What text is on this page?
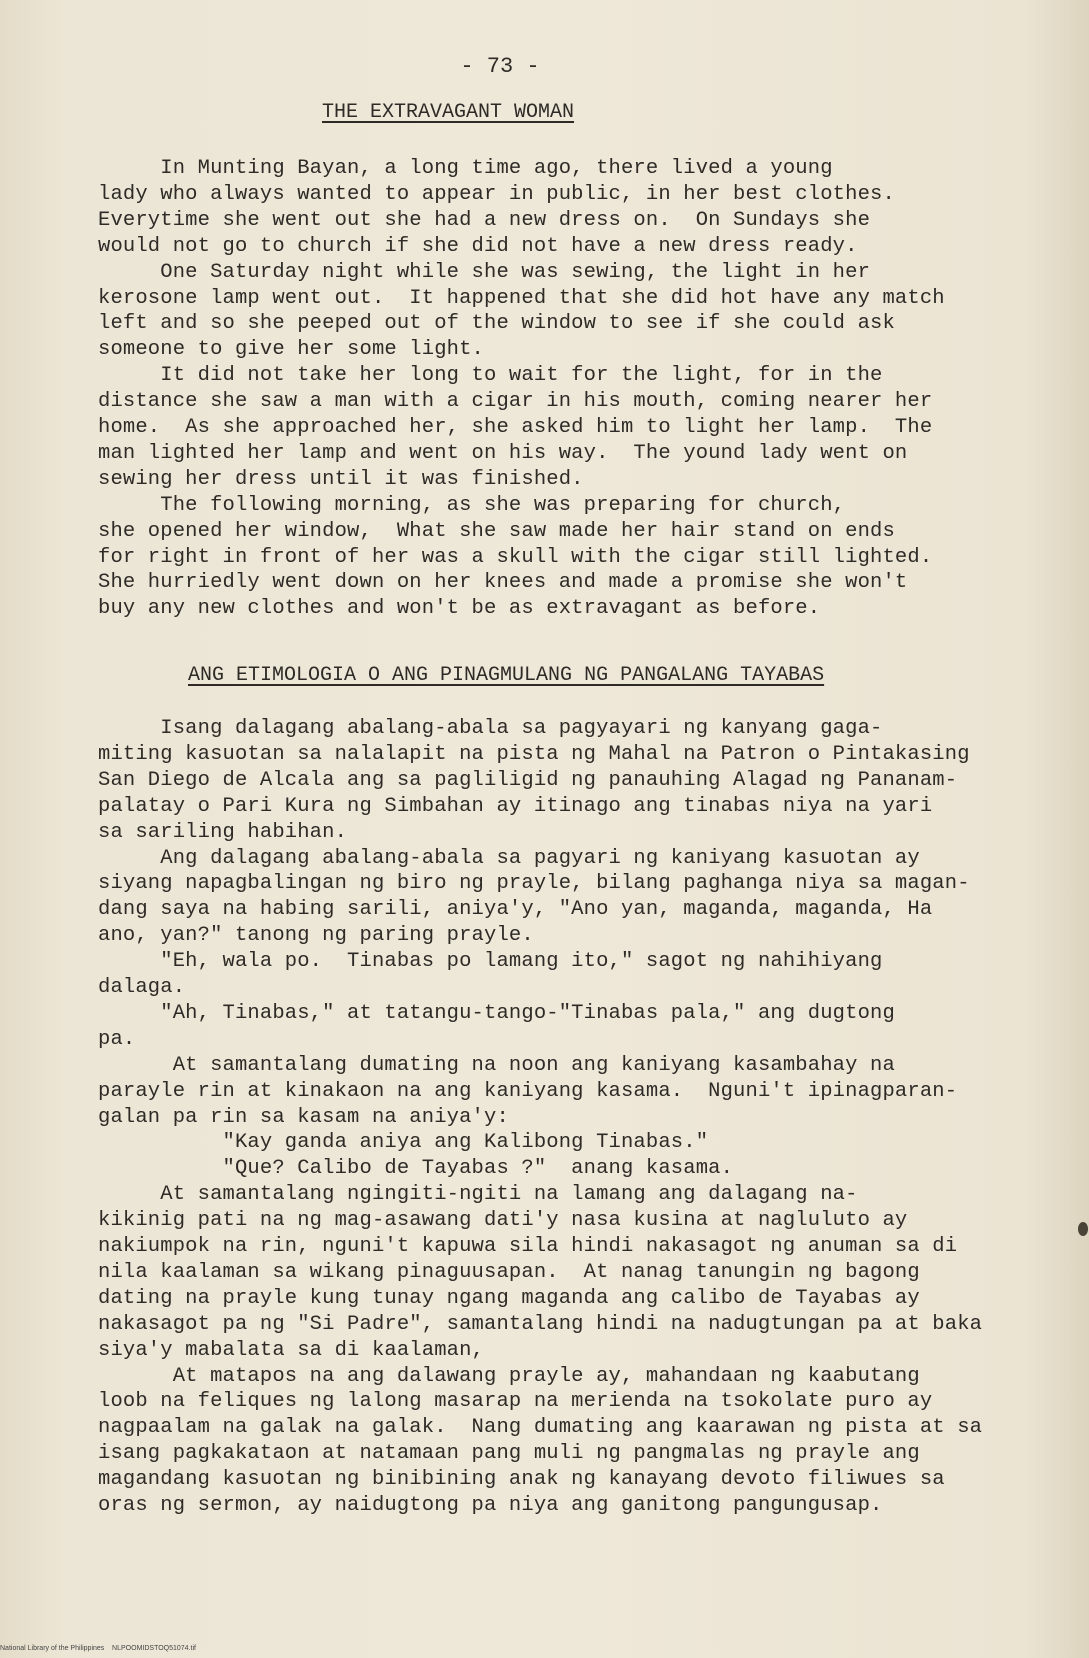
- 73 -
THE EXTRAVAGANT WOMAN
In Munting Bayan, a long time ago, there lived a young
lady who always wanted to appear in public, in her best clothes.
Everytime she went out she had a new dress on.  On Sundays she
would not go to church if she did not have a new dress ready.
One Saturday night while she was sewing, the light in her
kerosone lamp went out.  It happened that she did hot have any match
left and so she peeped out of the window to see if she could ask
someone to give her some light.
It did not take her long to wait for the light, for in the
distance she saw a man with a cigar in his mouth, coming nearer her
home.  As she approached her, she asked him to light her lamp.  The
man lighted her lamp and went on his way.  The yound lady went on
sewing her dress until it was finished.
The following morning, as she was preparing for church,
she opened her window,  What she saw made her hair stand on ends
for right in front of her was a skull with the cigar still lighted.
She hurriedly went down on her knees and made a promise she won't
buy any new clothes and won't be as extravagant as before.
ANG ETIMOLOGIA O ANG PINAGMULANG NG PANGALANG TAYABAS
Isang dalagang abalang-abala sa pagyayari ng kanyang gaga-
miting kasuotan sa nalalapit na pista ng Mahal na Patron o Pintakasing
San Diego de Alcala ang sa pagliligid ng panauhing Alagad ng Pananam-
palatay o Pari Kura ng Simbahan ay itinago ang tinabas niya na yari
sa sariling habihan.
Ang dalagang abalang-abala sa pagyari ng kaniyang kasuotan ay
siyang napagbalingan ng biro ng prayle, bilang paghanga niya sa magan-
dang saya na habing sarili, aniya'y, "Ano yan, maganda, maganda, Ha
ano, yan?" tanong ng paring prayle.
"Eh, wala po.  Tinabas po lamang ito," sagot ng nahihiyang
dalaga.
"Ah, Tinabas," at tatangu-tango-"Tinabas pala," ang dugtong
pa.
At samantalang dumating na noon ang kaniyang kasambahay na
parayle rin at kinakaon na ang kaniyang kasama.  Nguni't ipinagparan-
galan pa rin sa kasam na aniya'y:
"Kay ganda aniya ang Kalibong Tinabas."
"Que? Calibo de Tayabas ?"  anang kasama.
At samantalang ngingiti-ngiti na lamang ang dalagang na-
kikinig pati na ng mag-asawang dati'y nasa kusina at nagluluto ay
nakiumpok na rin, nguni't kapuwa sila hindi nakasagot ng anuman sa di
nila kaalaman sa wikang pinaguusapan.  At nanag tanungin ng bagong
dating na prayle kung tunay ngang maganda ang calibo de Tayabas ay
nakasagot pa ng "Si Padre", samantalang hindi na nadugtungan pa at baka
siya'y mabalata sa di kaalaman,
At matapos na ang dalawang prayle ay, mahandaan ng kaabutang
loob na feliques ng lalong masarap na merienda na tsokolate puro ay
nagpaalam na galak na galak.  Nang dumating ang kaarawan ng pista at sa
isang pagkakataon at natamaan pang muli ng pangmalas ng prayle ang
magandang kasuotan ng binibining anak ng kanayang devoto filiwues sa
oras ng sermon, ay naidugtong pa niya ang ganitong pangungusap.
National Library of the Philippines    NLPOOMIDSTOQ51074.tif
